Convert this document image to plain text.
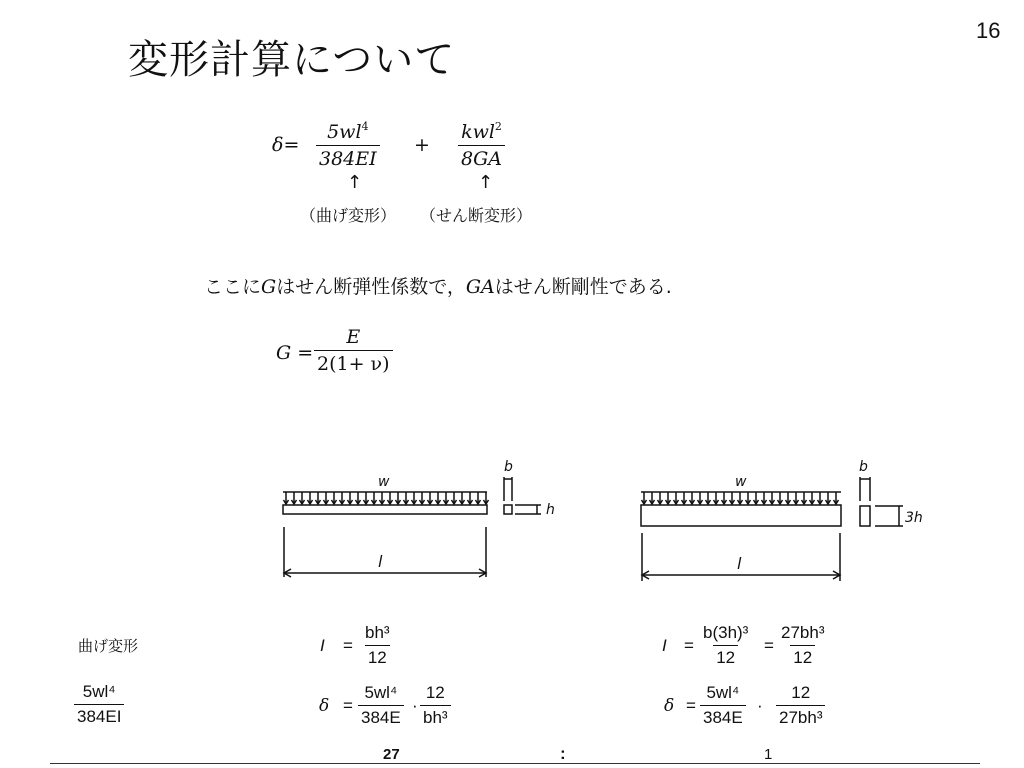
変形計算について
16
$\delta= \frac{5wl^4}{384EI}$ +
kwl$^2$
8GA
↑	↑
（曲げ変形） （せん断変形）
ここにGはせん断弾性係数で，GAはせん断剛性である.
$G = \frac{E}{2(1+ \nu)}$
w
l
b
h
w
l
b
3h
曲げ変形
$\frac{\text{5wl⁴}}{384EI}$
$I = \frac{\text{bh³}}{12}$
$\delta = \frac{\text{5wl⁴}}{384E} \cdot \frac{12}{\text{bh³}}$
$I = \frac{\text{b(3h)³}}{12} = \frac{\text{27bh³}}{12}$
$\delta = \frac{\text{5wl⁴}}{384E} \cdot \frac{12}{\text{27bh³}}$
27	:	1
